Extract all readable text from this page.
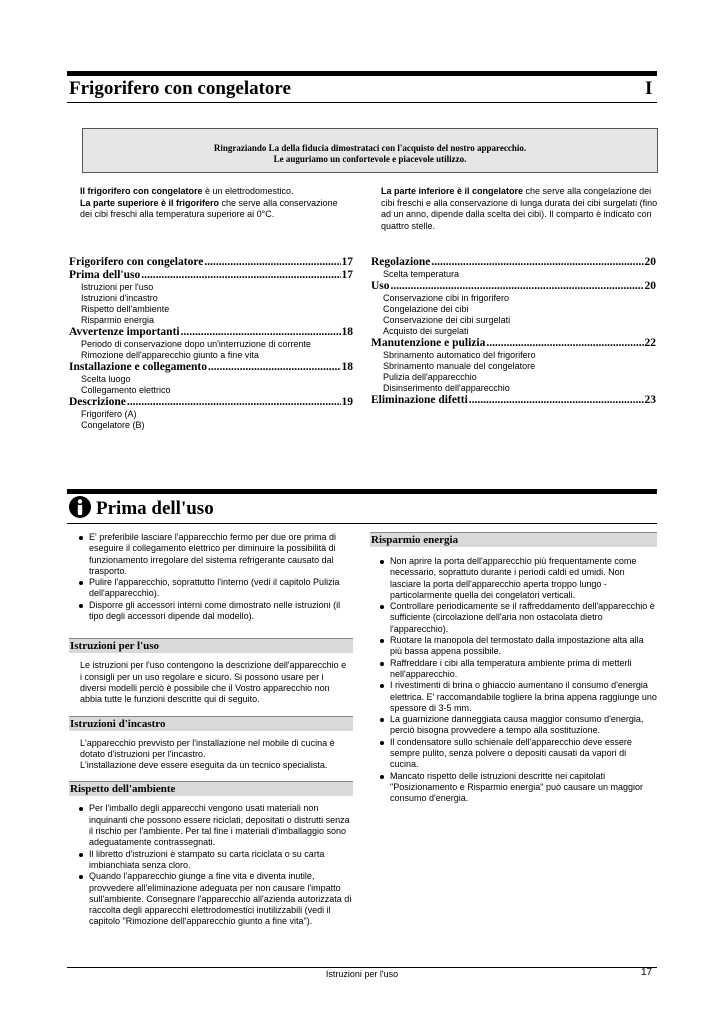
Frigorifero con congelatore	I
Ringraziando La della fiducia dimostrataci con l'acquisto del nostro apparecchio.
Le auguriamo un confortevole e piacevole utilizzo.
Il frigorifero con congelatore è un elettrodomestico.
La parte superiore è il frigorifero che serve alla conservazione dei cibi freschi alla temperatura superiore ai 0°C.
La parte inferiore è il congelatore che serve alla congelazione dei cibi freschi e alla conservazione di lunga durata dei cibi surgelati (fino ad un anno, dipende dalla scelta dei cibi). Il comparto è indicato con quattro stelle.
Frigorifero con congelatore .....	17
Prima dell'uso .....	17
Istruzioni per l'uso
Istruzioni d'incastro
Rispetto dell'ambiente
Risparmio energia
Avvertenze importanti .....	18
Periodo di conservazione dopo un'interruzione di corrente
Rimozione dell'apparecchio giunto a fine vita
Installazione e collegamento .....	18
Scelta luogo
Collegamento elettrico
Descrizione .....	19
Frigorifero (A)
Congelatore (B)
Regolazione .....	20
Scelta temperatura
Uso .....	20
Conservazione cibi in frigorifero
Congelazione dei cibi
Conservazione dei cibi surgelati
Acquisto dei surgelati
Manutenzione e pulizia .....	22
Sbrinamento automatico del frigorifero
Sbrinamento manuale del congelatore
Pulizia dell'apparecchio
Disinserimento dell'apparecchio
Eliminazione difetti .....	23
Prima dell'uso
E' preferibile lasciare l'apparecchio fermo per due ore prima di eseguire il collegamento elettrico per diminuire la possibilità di funzionamento irregolare del sistema refrigerante causato dal trasporto.
Pulire l'apparecchio, soprattutto l'interno (vedi il capitolo Pulizia dell'apparecchio).
Disporre gli accessori interni come dimostrato nelle istruzioni (il tipo degli accessori dipende dal modello).
Istruzioni per l'uso
Le istruzioni per l'uso contengono la descrizione dell'apparecchio e i consigli per un uso regolare e sicuro. Si possono usare per i diversi modelli perciò è possibile che il Vostro apparecchio non abbia tutte le funzioni descritte qui di seguito.
Istruzioni d'incastro
L'apparecchio prevvisto per l'installazione nel mobile di cucina è dotato d'istruzioni per l'incastro.
L'installazione deve essere eseguita da un tecnico specialista.
Rispetto dell'ambiente
Per l'imballo degli apparecchi vengono usati materiali non inquinanti che possono essere riciclati, depositati o distrutti senza il rischio per l'ambiente. Per tal fine i materiali d'imballaggio sono adeguatamente contrassegnati.
Il libretto d'istruzioni è stampato su carta riciclata o su carta imbianchiata senza cloro.
Quando l'apparecchio giunge a fine vita e diventa inutile, provvedere all'eliminazione adeguata per non causare l'impatto sull'ambiente. Consegnare l'apparecchio all'azienda autorizzata di raccolta degli apparecchi elettrodomestici inutilizzabili (vedi il capitolo "Rimozione dell'apparecchio giunto a fine vita").
Risparmio energia
Non aprire la porta dell'apparecchio più frequentamente come necessario, soprattuto durante i periodi caldi ed umidi. Non lasciare la porta dell'apparecchio aperta troppo lungo - particolarmente quella dei congelatori verticali.
Controllare periodicamente se il raffreddamento dell'apparecchio è sufficiente (circolazione dell'aria non ostacolata dietro l'apparecchio).
Ruotare la manopola del termostato dalla impostazione alta alla più bassa appena possibile.
Raffreddare i cibi alla temperatura ambiente prima di metterli nell'apparecchio.
I rivestimenti di brina o ghiaccio aumentano il consumo d'energia elettrica. E' raccomandabile togliere la brina appena raggiunge uno spessore di 3-5 mm.
La guarnizione danneggiata causa maggior consumo d'energia, perciò bisogna provvedere a tempo alla sostituzione.
Il condensatore sullo schienale dell'apparecchio deve essere sempre pulito, senza polvere o depositi causati da vapori di cucina.
Mancato rispetto delle istruzioni descritte nei capitolati "Posizionamento e Risparmio energia" può causare un maggior consumo d'energia.
Istruzioni per l'uso	17
